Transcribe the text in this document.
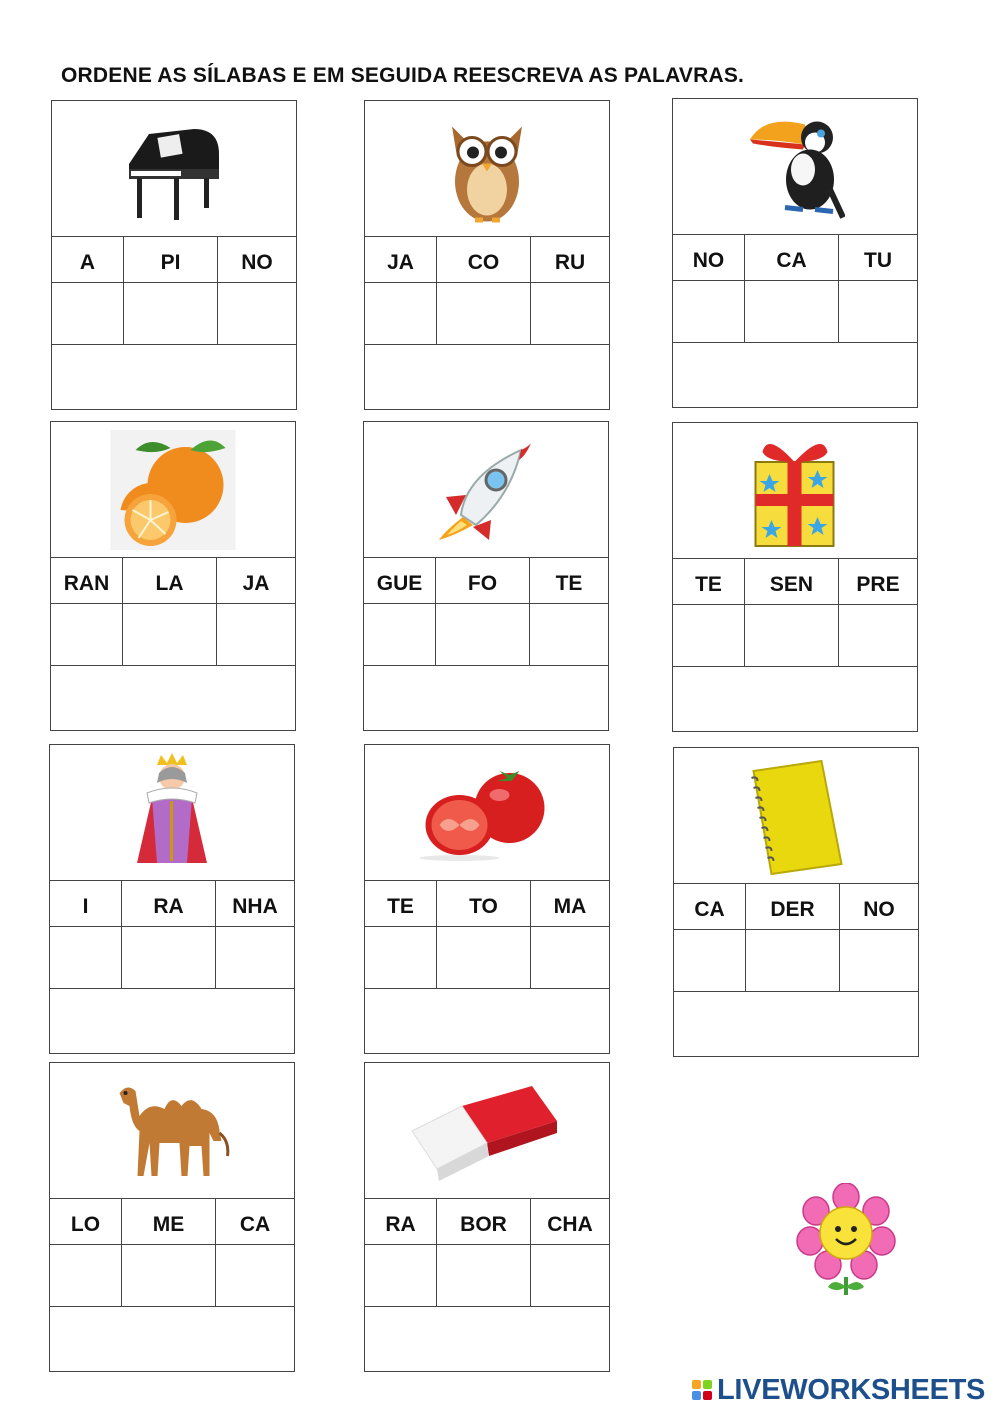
ORDENE AS SÍLABAS E EM SEGUIDA REESCREVA AS PALAVRAS.
A	PI	NO	JA	CO	RU	NO	CA	TU
RAN	LA	JA	GUE	FO	TE	TE	SEN	PRE
I	RA	NHA	TE	TO	MA	CA	DER	NO
LO	ME	CA	RA	BOR	CHA
LIVEWORKSHEETS
